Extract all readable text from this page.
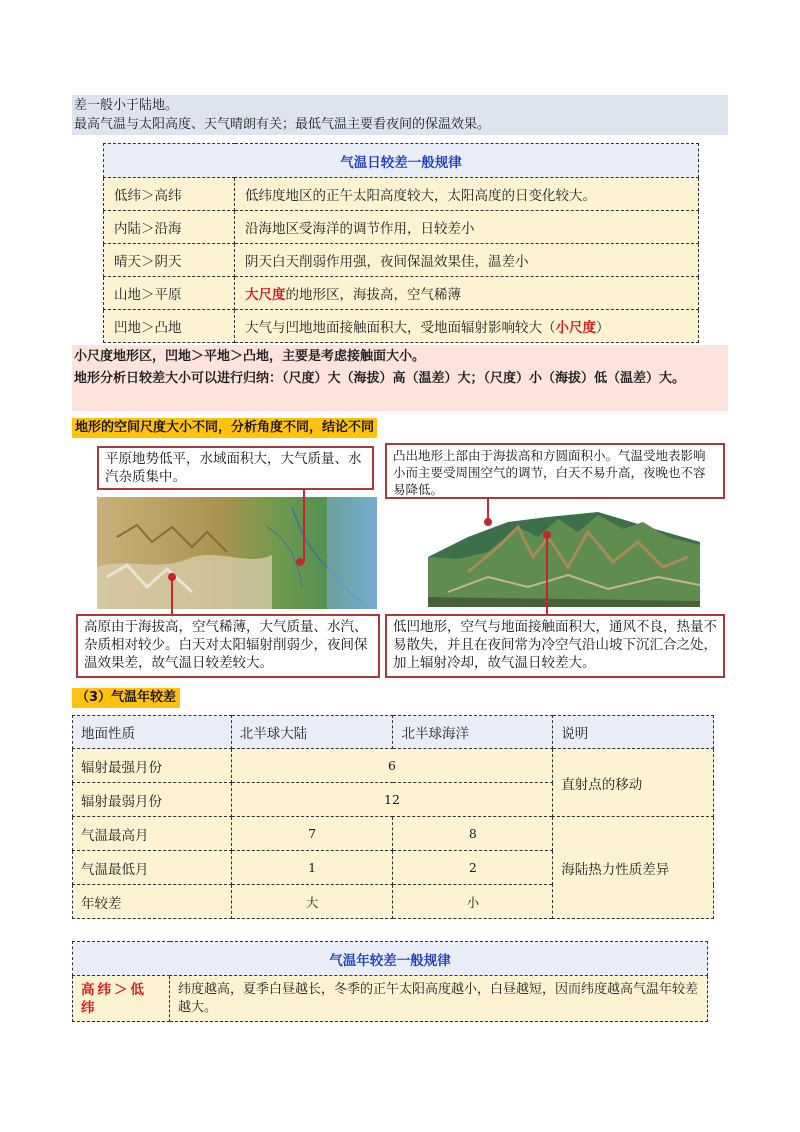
差一般小于陆地。
最高气温与太阳高度、天气晴朗有关；最低气温主要看夜间的保温效果。
气温日较差一般规律	
低纬＞高纬	低纬度地区的正午太阳高度较大，太阳高度的日变化较大。
内陆＞沿海	沿海地区受海洋的调节作用，日较差小
晴天＞阴天	阴天白天削弱作用强，夜间保温效果佳，温差小
山地＞平原	大尺度的地形区，海拔高，空气稀薄
凹地＞凸地	大气与凹地地面接触面积大，受地面辐射影响较大（小尺度）
小尺度地形区，凹地＞平地＞凸地，主要是考虑接触面大小。
地形分析日较差大小可以进行归纳：（尺度）大（海拔）高（温差）大；（尺度）小（海拔）低（温差）大。
地形的空间尺度大小不同，分析角度不同，结论不同
平原地势低平，水域面积大，大气质量、水汽杂质集中。
凸出地形上部由于海拔高和方圆面积小。气温受地表影响小而主要受周围空气的调节，白天不易升高，夜晚也不容易降低。
高原由于海拔高，空气稀薄，大气质量、水汽、杂质相对较少。白天对太阳辐射削弱少，夜间保温效果差，故气温日较差较大。
低凹地形，空气与地面接触面积大，通风不良，热量不易散失，并且在夜间常为冷空气沿山坡下沉汇合之处，加上辐射冷却，故气温日较差大。
（3）气温年较差
地面性质	北半球大陆	北半球海洋	说明
辐射最强月份	6		直射点的移动
辐射最弱月份	12		
气温最高月	7	8	海陆热力性质差异
气温最低月	1	2	
年较差	大	小	
气温年较差一般规律
高纬＞低纬	纬度越高，夏季白昼越长，冬季的正午太阳高度越小，白昼越短，因而纬度越高气温年较差越大。
